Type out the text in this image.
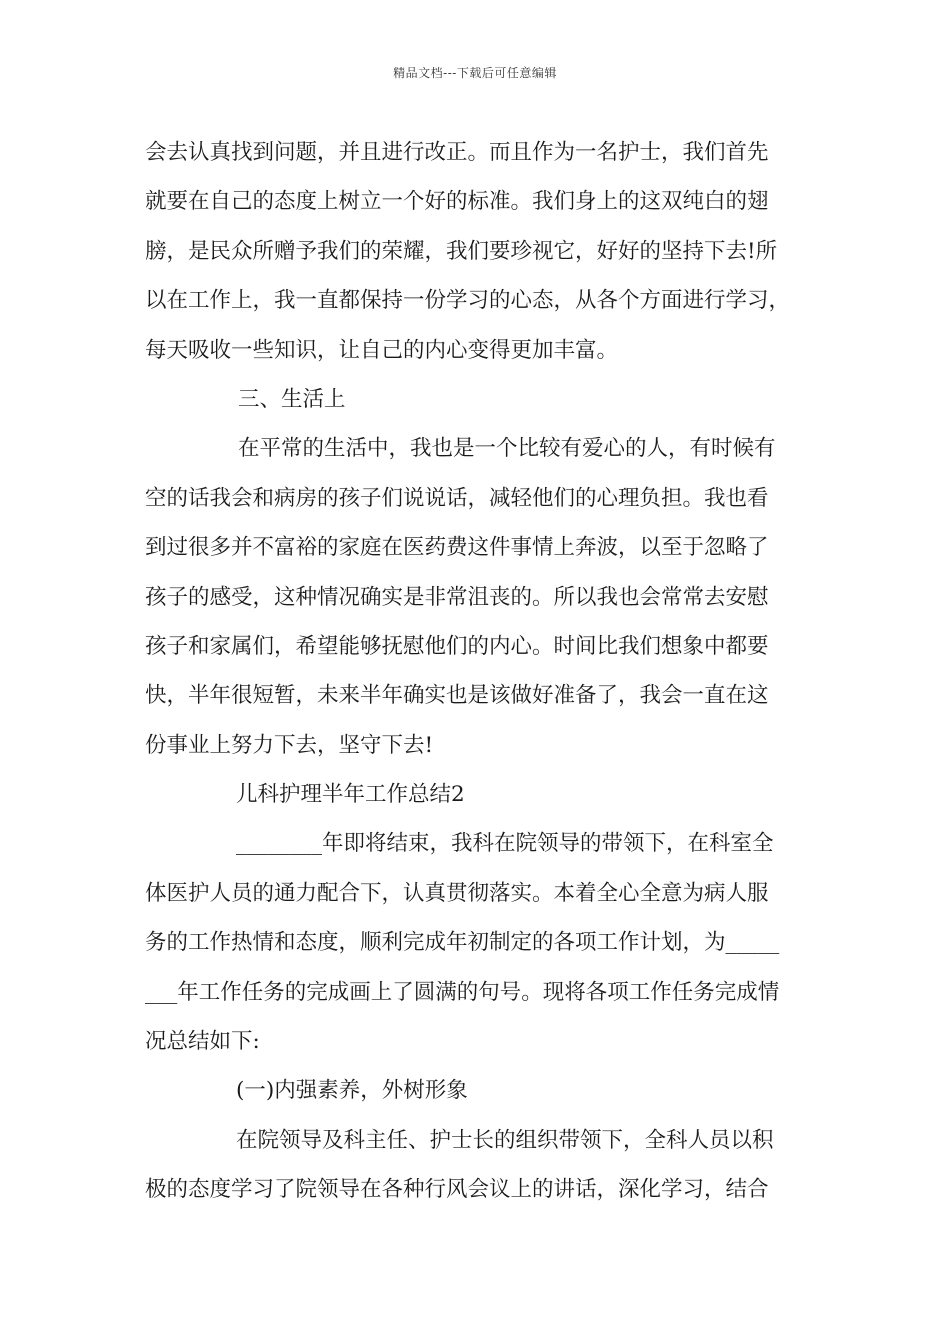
精品文档---下载后可任意编辑
会去认真找到问题，并且进行改正。而且作为一名护士，我们首先
就要在自己的态度上树立一个好的标准。我们身上的这双纯白的翅
膀，是民众所赠予我们的荣耀，我们要珍视它，好好的坚持下去!所
以在工作上，我一直都保持一份学习的心态，从各个方面进行学习，
每天吸收一些知识，让自己的内心变得更加丰富。
三、生活上
在平常的生活中，我也是一个比较有爱心的人，有时候有
空的话我会和病房的孩子们说说话，减轻他们的心理负担。我也看
到过很多并不富裕的家庭在医药费这件事情上奔波，以至于忽略了
孩子的感受，这种情况确实是非常沮丧的。所以我也会常常去安慰
孩子和家属们，希望能够抚慰他们的内心。时间比我们想象中都要
快，半年很短暂，未来半年确实也是该做好准备了，我会一直在这
份事业上努力下去，坚守下去!
儿科护理半年工作总结2
________年即将结束，我科在院领导的带领下，在科室全
体医护人员的通力配合下，认真贯彻落实。本着全心全意为病人服
务的工作热情和态度，顺利完成年初制定的各项工作计划，为_____
___年工作任务的完成画上了圆满的句号。现将各项工作任务完成情
况总结如下:
(一)内强素养，外树形象
在院领导及科主任、护士长的组织带领下，全科人员以积
极的态度学习了院领导在各种行风会议上的讲话，深化学习，结合
